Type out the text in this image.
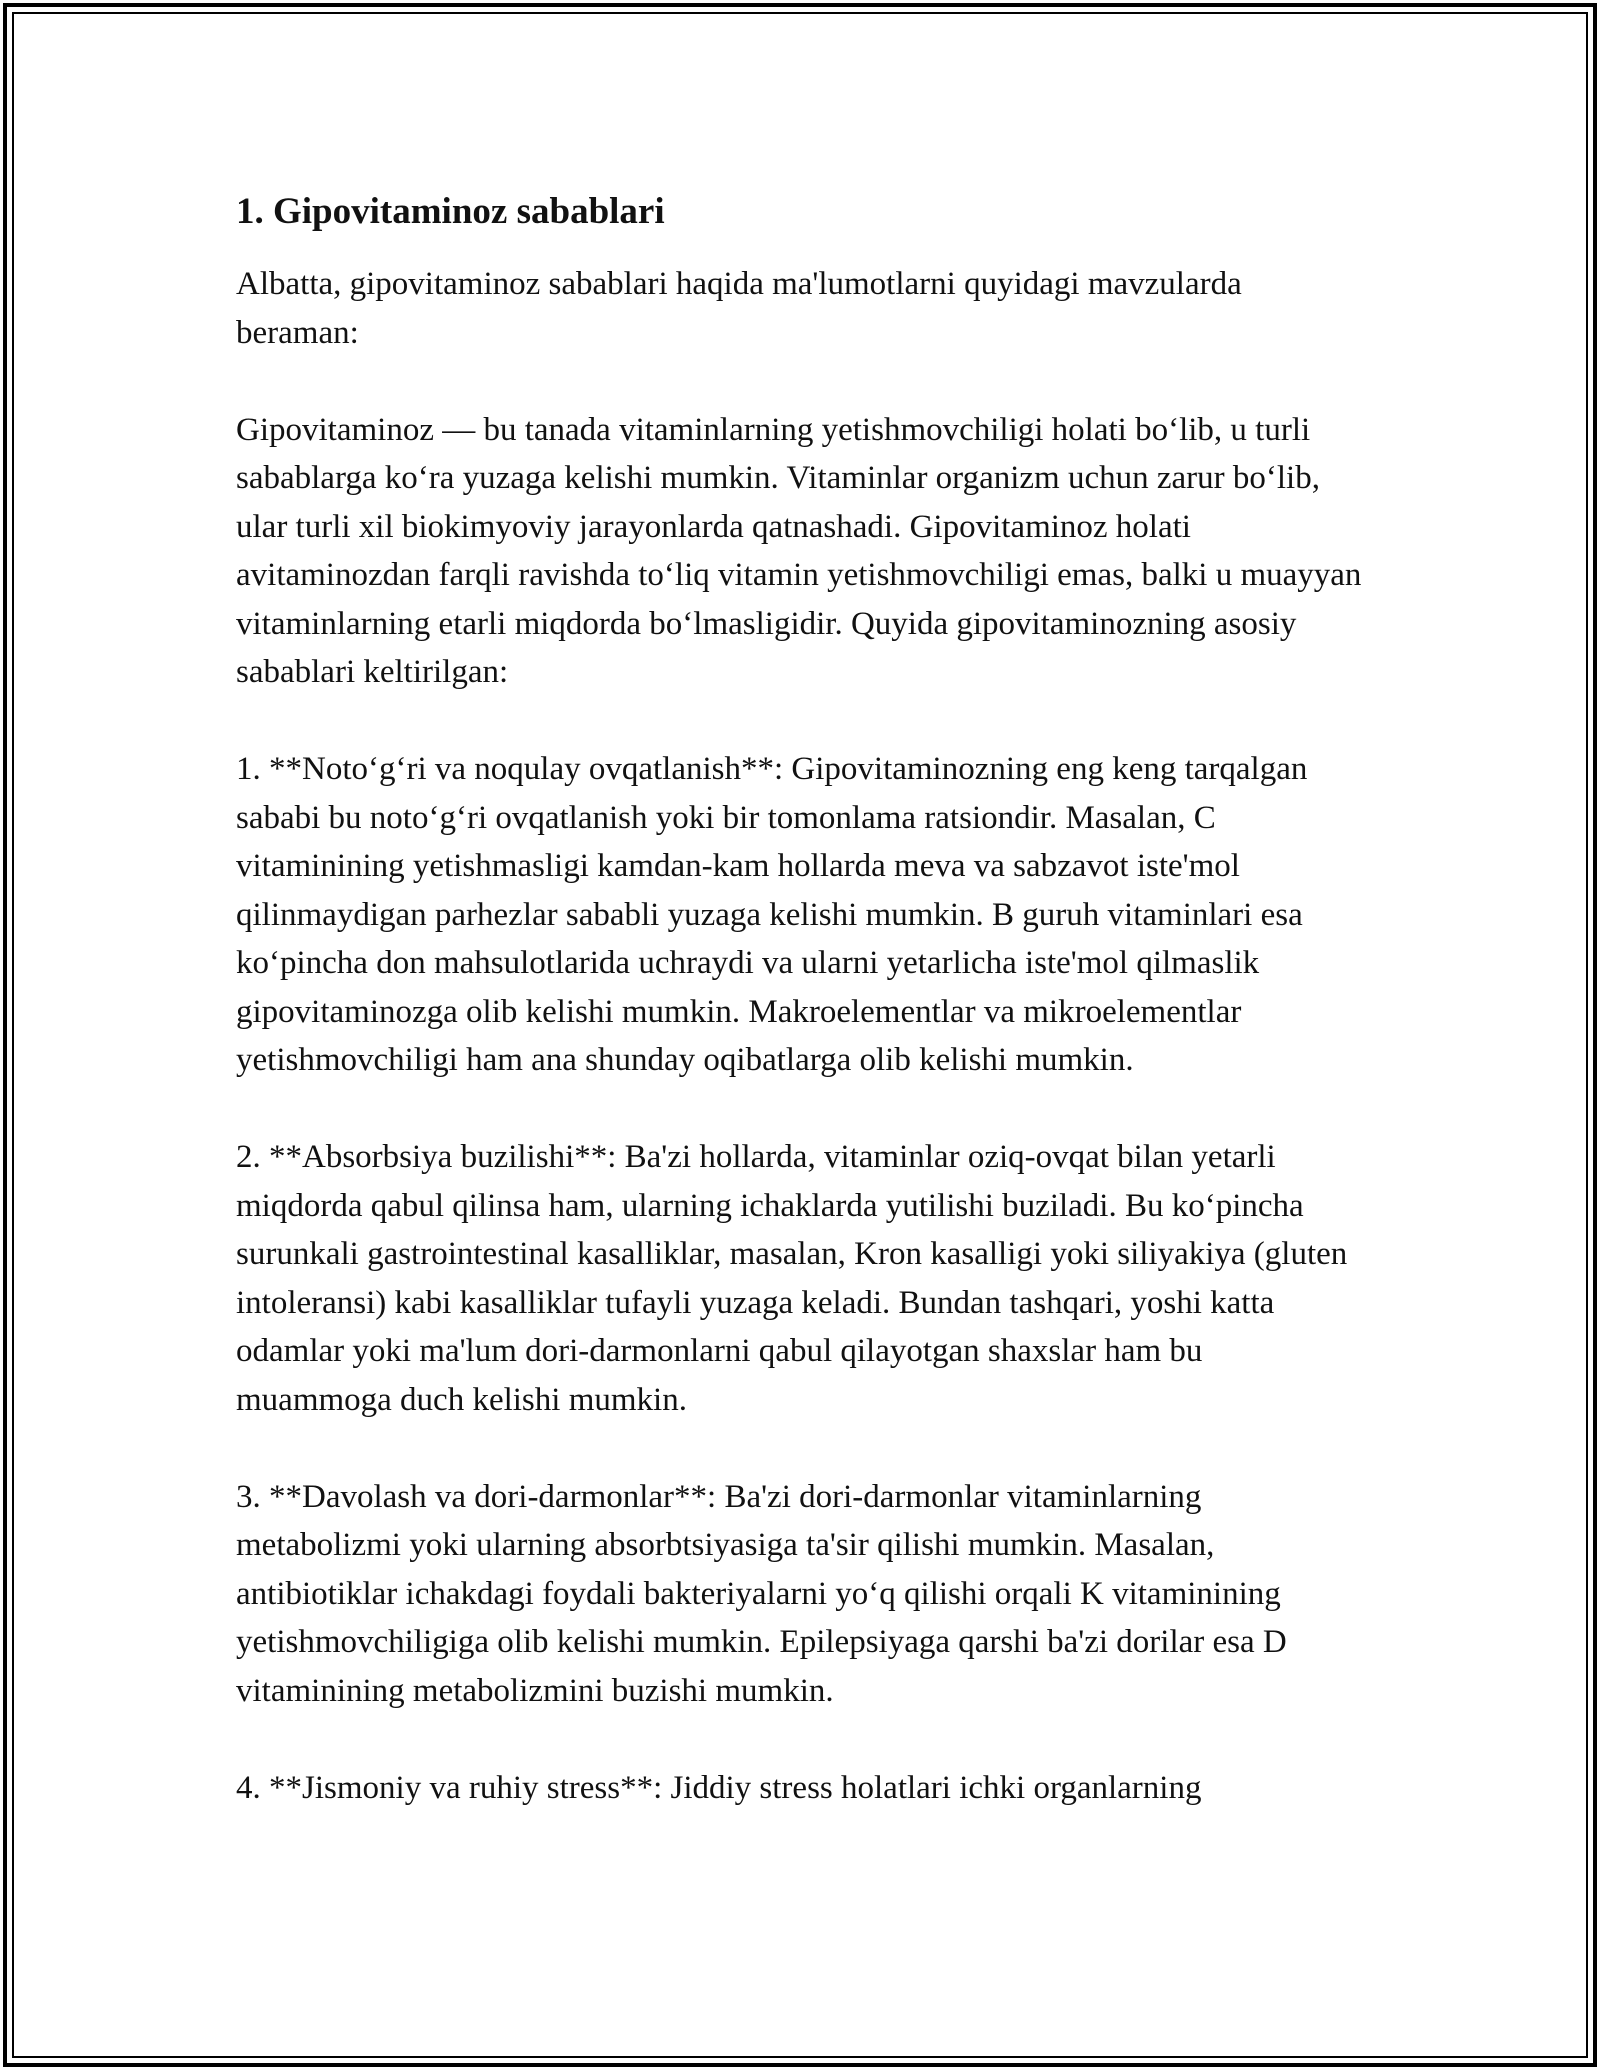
1. Gipovitaminoz sabablari

Albatta, gipovitaminoz sabablari haqida ma'lumotlarni quyidagi mavzularda beraman:

Gipovitaminoz — bu tanada vitaminlarning yetishmovchiligi holati boʻlib, u turli sabablarga koʻra yuzaga kelishi mumkin. Vitaminlar organizm uchun zarur boʻlib, ular turli xil biokimyoviy jarayonlarda qatnashadi. Gipovitaminoz holati avitaminozdan farqli ravishda toʻliq vitamin yetishmovchiligi emas, balki u muayyan vitaminlarning etarli miqdorda boʻlmasligidir. Quyida gipovitaminozning asosiy sabablari keltirilgan:

1. **Notoʻgʻri va noqulay ovqatlanish**: Gipovitaminozning eng keng tarqalgan sababi bu notoʻgʻri ovqatlanish yoki bir tomonlama ratsiondir. Masalan, C vitaminining yetishmasligi kamdan-kam hollarda meva va sabzavot iste'mol qilinmaydigan parhezlar sababli yuzaga kelishi mumkin. B guruh vitaminlari esa koʻpincha don mahsulotlarida uchraydi va ularni yetarlicha iste'mol qilmaslik gipovitaminozga olib kelishi mumkin. Makroelementlar va mikroelementlar yetishmovchiligi ham ana shunday oqibatlarga olib kelishi mumkin.

2. **Absorbsiya buzilishi**: Ba'zi hollarda, vitaminlar oziq-ovqat bilan yetarli miqdorda qabul qilinsa ham, ularning ichaklarda yutilishi buziladi. Bu koʻpincha surunkali gastrointestinal kasalliklar, masalan, Kron kasalligi yoki siliyakiya (gluten intoleransi) kabi kasalliklar tufayli yuzaga keladi. Bundan tashqari, yoshi katta odamlar yoki ma'lum dori-darmonlarni qabul qilayotgan shaxslar ham bu muammoga duch kelishi mumkin.

3. **Davolash va dori-darmonlar**: Ba'zi dori-darmonlar vitaminlarning metabolizmi yoki ularning absorbtsiyasiga ta'sir qilishi mumkin. Masalan, antibiotiklar ichakdagi foydali bakteriyalarni yoʻq qilishi orqali K vitaminining yetishmovchiligiga olib kelishi mumkin. Epilepsiyaga qarshi ba'zi dorilar esa D vitaminining metabolizmini buzishi mumkin.

4. **Jismoniy va ruhiy stress**: Jiddiy stress holatlari ichki organlarning
